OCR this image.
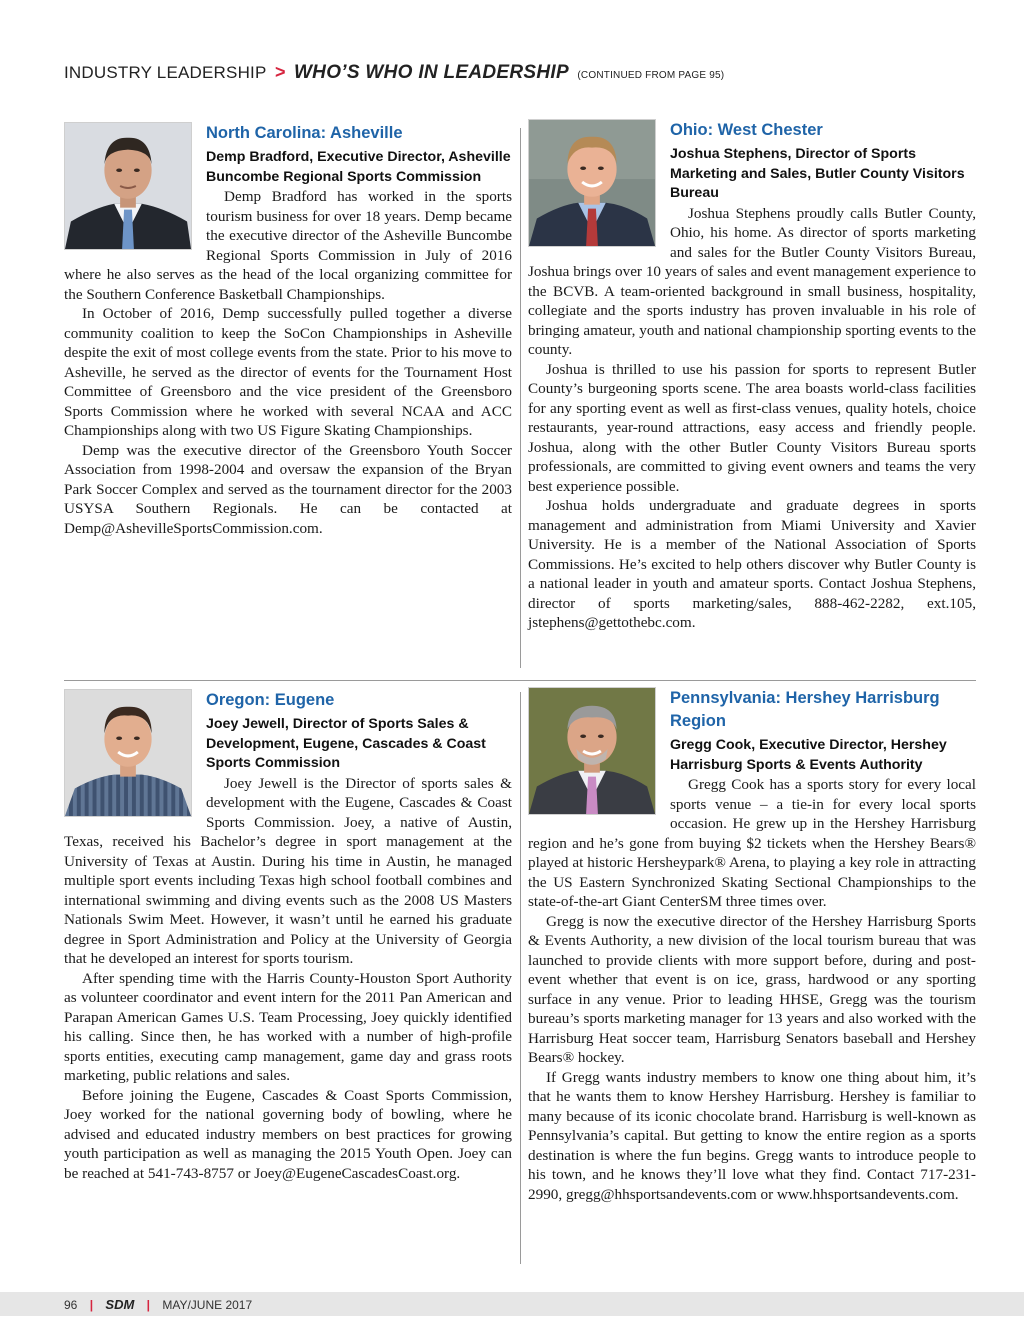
INDUSTRY LEADERSHIP > WHO’S WHO IN LEADERSHIP (CONTINUED FROM PAGE 95)
North Carolina: Asheville
Demp Bradford, Executive Director, Asheville Buncombe Regional Sports Commission

Demp Bradford has worked in the sports tourism business for over 18 years. Demp became the executive director of the Asheville Buncombe Regional Sports Commission in July of 2016 where he also serves as the head of the local organizing committee for the Southern Conference Basketball Championships.

In October of 2016, Demp successfully pulled together a diverse community coalition to keep the SoCon Championships in Asheville despite the exit of most college events from the state. Prior to his move to Asheville, he served as the director of events for the Tournament Host Committee of Greensboro and the vice president of the Greensboro Sports Commission where he worked with several NCAA and ACC Championships along with two US Figure Skating Championships.

Demp was the executive director of the Greensboro Youth Soccer Association from 1998-2004 and oversaw the expansion of the Bryan Park Soccer Complex and served as the tournament director for the 2003 USYSA Southern Regionals. He can be contacted at Demp@AshevilleSportsCommission.com.

Ohio: West Chester
Joshua Stephens, Director of Sports Marketing and Sales, Butler County Visitors Bureau

Joshua Stephens proudly calls Butler County, Ohio, his home. As director of sports marketing and sales for the Butler County Visitors Bureau, Joshua brings over 10 years of sales and event management experience to the BCVB. A team-oriented background in small business, hospitality, collegiate and the sports industry has proven invaluable in his role of bringing amateur, youth and national championship sporting events to the county.

Joshua is thrilled to use his passion for sports to represent Butler County’s burgeoning sports scene. The area boasts world-class facilities for any sporting event as well as first-class venues, quality hotels, choice restaurants, year-round attractions, easy access and friendly people. Joshua, along with the other Butler County Visitors Bureau sports professionals, are committed to giving event owners and teams the very best experience possible.

Joshua holds undergraduate and graduate degrees in sports management and administration from Miami University and Xavier University. He is a member of the National Association of Sports Commissions. He’s excited to help others discover why Butler County is a national leader in youth and amateur sports. Contact Joshua Stephens, director of sports marketing/sales, 888-462-2282, ext.105, jstephens@gettothebc.com.

Oregon: Eugene
Joey Jewell, Director of Sports Sales & Development, Eugene, Cascades & Coast Sports Commission

Joey Jewell is the Director of sports sales & development with the Eugene, Cascades & Coast Sports Commission. Joey, a native of Austin, Texas, received his Bachelor’s degree in sport management at the University of Texas at Austin. During his time in Austin, he managed multiple sport events including Texas high school football combines and international swimming and diving events such as the 2008 US Masters Nationals Swim Meet. However, it wasn’t until he earned his graduate degree in Sport Administration and Policy at the University of Georgia that he developed an interest for sports tourism.

After spending time with the Harris County-Houston Sport Authority as volunteer coordinator and event intern for the 2011 Pan American and Parapan American Games U.S. Team Processing, Joey quickly identified his calling. Since then, he has worked with a number of high-profile sports entities, executing camp management, game day and grass roots marketing, public relations and sales.

Before joining the Eugene, Cascades & Coast Sports Commission, Joey worked for the national governing body of bowling, where he advised and educated industry members on best practices for growing youth participation as well as managing the 2015 Youth Open. Joey can be reached at 541-743-8757 or Joey@EugeneCascadesCoast.org.

Pennsylvania: Hershey Harrisburg Region
Gregg Cook, Executive Director, Hershey Harrisburg Sports & Events Authority

Gregg Cook has a sports story for every local sports venue – a tie-in for every local sports occasion. He grew up in the Hershey Harrisburg region and he’s gone from buying $2 tickets when the Hershey Bears® played at historic Hersheypark® Arena, to playing a key role in attracting the US Eastern Synchronized Skating Sectional Championships to the state-of-the-art Giant CenterSM three times over.

Gregg is now the executive director of the Hershey Harrisburg Sports & Events Authority, a new division of the local tourism bureau that was launched to provide clients with more support before, during and post-event whether that event is on ice, grass, hardwood or any sporting surface in any venue. Prior to leading HHSE, Gregg was the tourism bureau’s sports marketing manager for 13 years and also worked with the Harrisburg Heat soccer team, Harrisburg Senators baseball and Hershey Bears® hockey.

If Gregg wants industry members to know one thing about him, it’s that he wants them to know Hershey Harrisburg. Hershey is familiar to many because of its iconic chocolate brand. Harrisburg is well-known as Pennsylvania’s capital. But getting to know the entire region as a sports destination is where the fun begins. Gregg wants to introduce people to his town, and he knows they’ll love what they find. Contact 717-231-2990, gregg@hhsportsandevents.com or www.hhsportsandevents.com.

96 | SDM | MAY/JUNE 2017
